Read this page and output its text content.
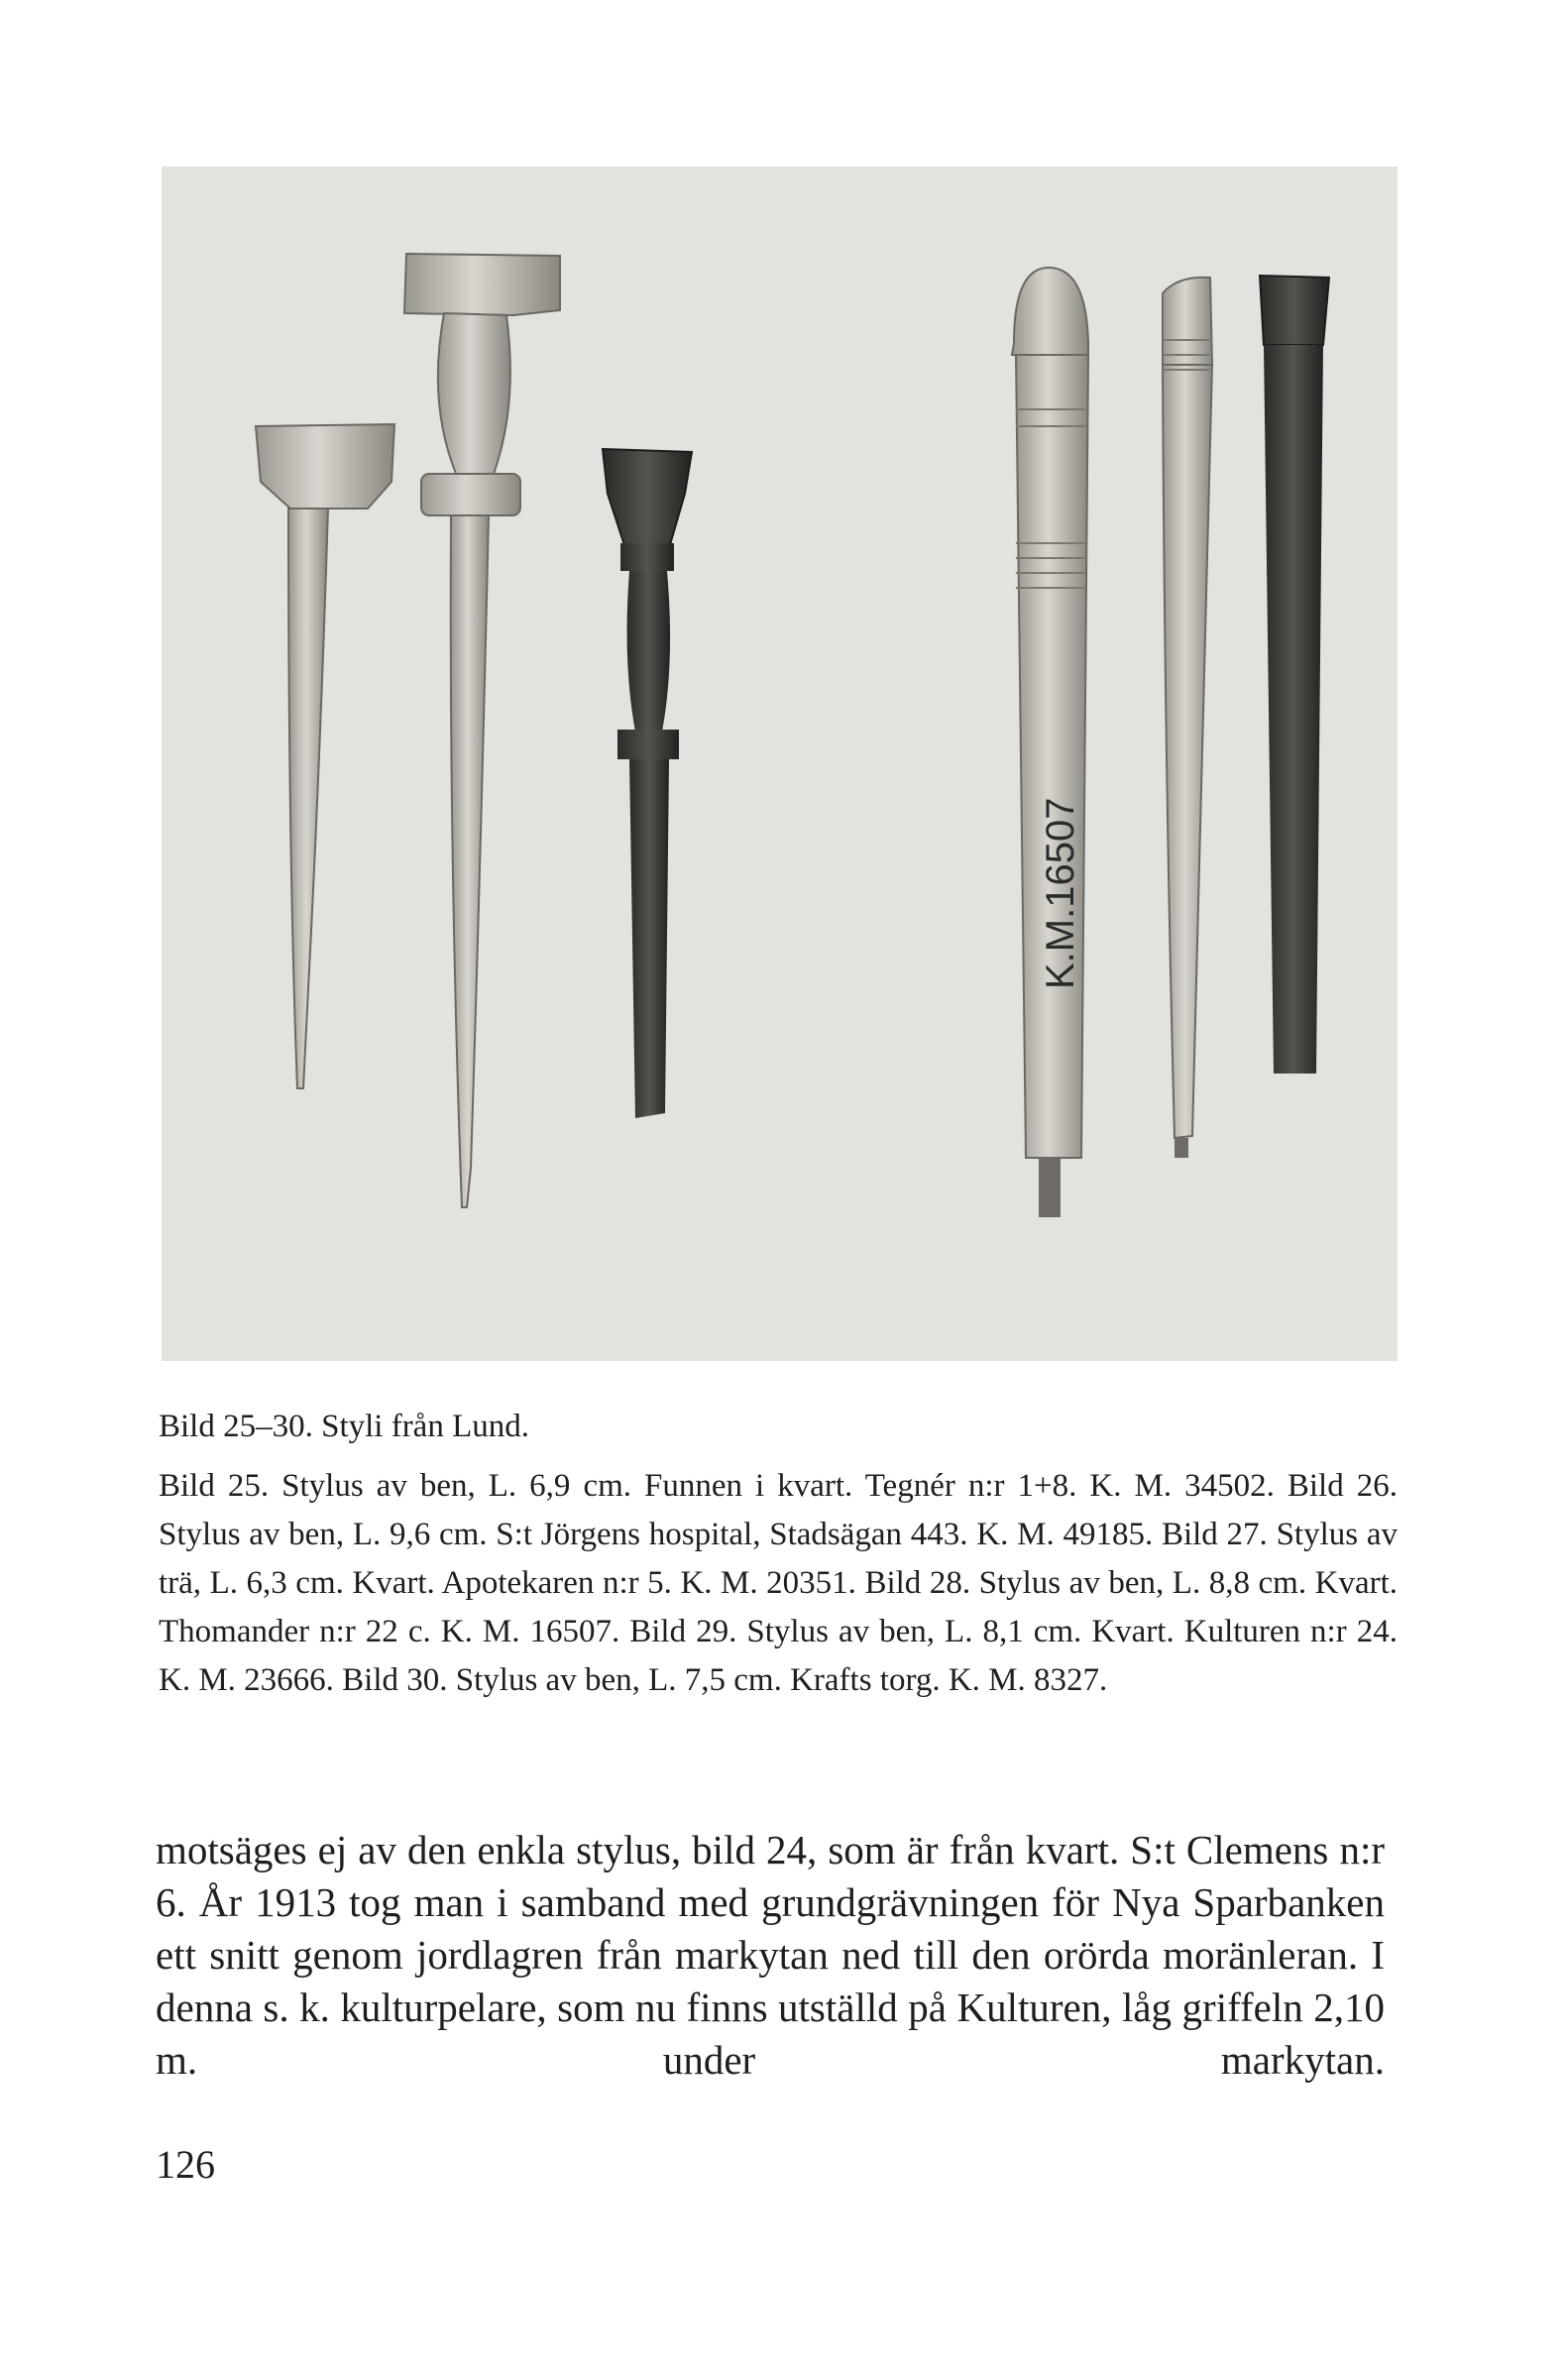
K.M.16507

Bild 25–30. Styli från Lund.

Bild 25. Stylus av ben, L. 6,9 cm. Funnen i kvart. Tegnér n:r 1+8. K. M. 34502. Bild 26. Stylus av ben, L. 9,6 cm. S:t Jörgens hospital, Stadsägan 443. K. M. 49185. Bild 27. Stylus av trä, L. 6,3 cm. Kvart. Apotekaren n:r 5. K. M. 20351. Bild 28. Stylus av ben, L. 8,8 cm. Kvart. Thomander n:r 22 c. K. M. 16507. Bild 29. Stylus av ben, L. 8,1 cm. Kvart. Kulturen n:r 24. K. M. 23666. Bild 30. Stylus av ben, L. 7,5 cm. Krafts torg. K. M. 8327.

motsäges ej av den enkla stylus, bild 24, som är från kvart. S:t Clemens n:r 6. År 1913 tog man i samband med grundgrävningen för Nya Sparbanken ett snitt genom jordlagren från markytan ned till den orörda moränleran. I denna s. k. kulturpelare, som nu finns utställd på Kulturen, låg griffeln 2,10 m. under markytan.

126
